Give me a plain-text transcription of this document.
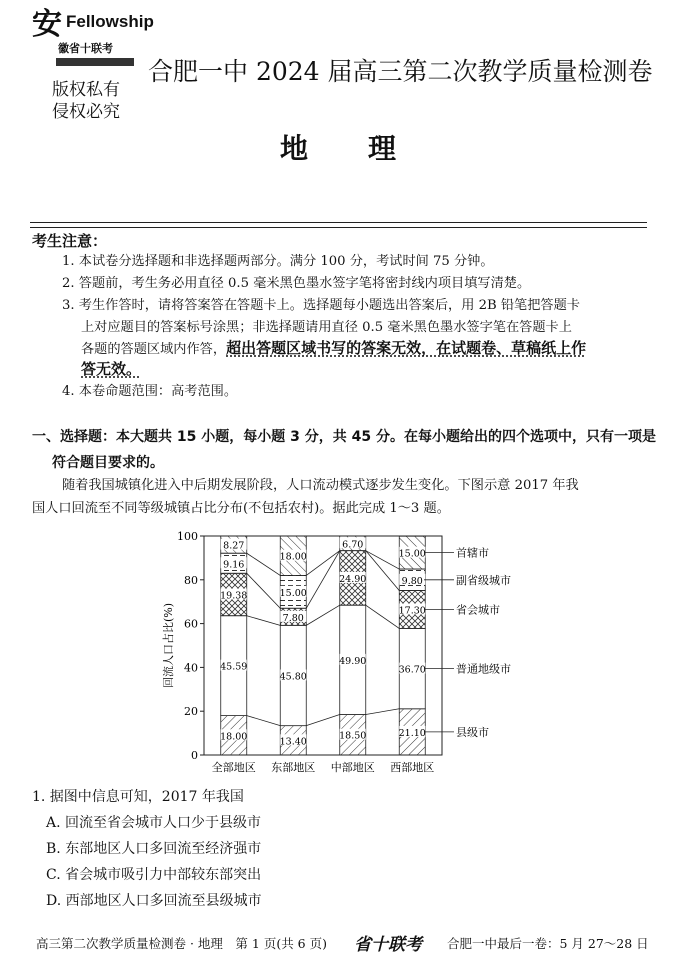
安 Fellowship
徽省十联考
版权私有
侵权必究
合肥一中 2024 届高三第二次教学质量检测卷
地理
考生注意：
1. 本试卷分选择题和非选择题两部分。满分 100 分，考试时间 75 分钟。
2. 答题前，考生务必用直径 0.5 毫米黑色墨水签字笔将密封线内项目填写清楚。
3. 考生作答时，请将答案答在答题卡上。选择题每小题选出答案后，用 2B 铅笔把答题卡
上对应题目的答案标号涂黑；非选择题请用直径 0.5 毫米黑色墨水签字笔在答题卡上
各题的答题区域内作答，超出答题区域书写的答案无效，在试题卷、草稿纸上作
答无效。
4. 本卷命题范围：高考范围。
一、选择题：本大题共 15 小题，每小题 3 分，共 45 分。在每小题给出的四个选项中，只有一项是
符合题目要求的。
随着我国城镇化进入中后期发展阶段，人口流动模式逐步发生变化。下图示意 2017 年我
国人口回流至不同等级城镇占比分布(不包括农村)。据此完成 1～3 题。
0
20
40
60
80
100
回流人口占比(%)
全部地区 东部地区 中部地区 西部地区
18.00
45.59
19.38
9.16
8.27
13.40
45.80
7.80
15.00
18.00
18.50
49.90
24.90
6.70
21.10
36.70
17.30
9.80
15.00
县级市
普通地级市
省会城市
副省级城市
首辖市
1. 据图中信息可知，2017 年我国
A. 回流至省会城市人口少于县级市
B. 东部地区人口多回流至经济强市
C. 省会城市吸引力中部较东部突出
D. 西部地区人口多回流至县级城市
高三第二次教学质量检测卷 · 地理　第 1 页(共 6 页) 省十联考 合肥一中最后一卷：5 月 27～28 日
